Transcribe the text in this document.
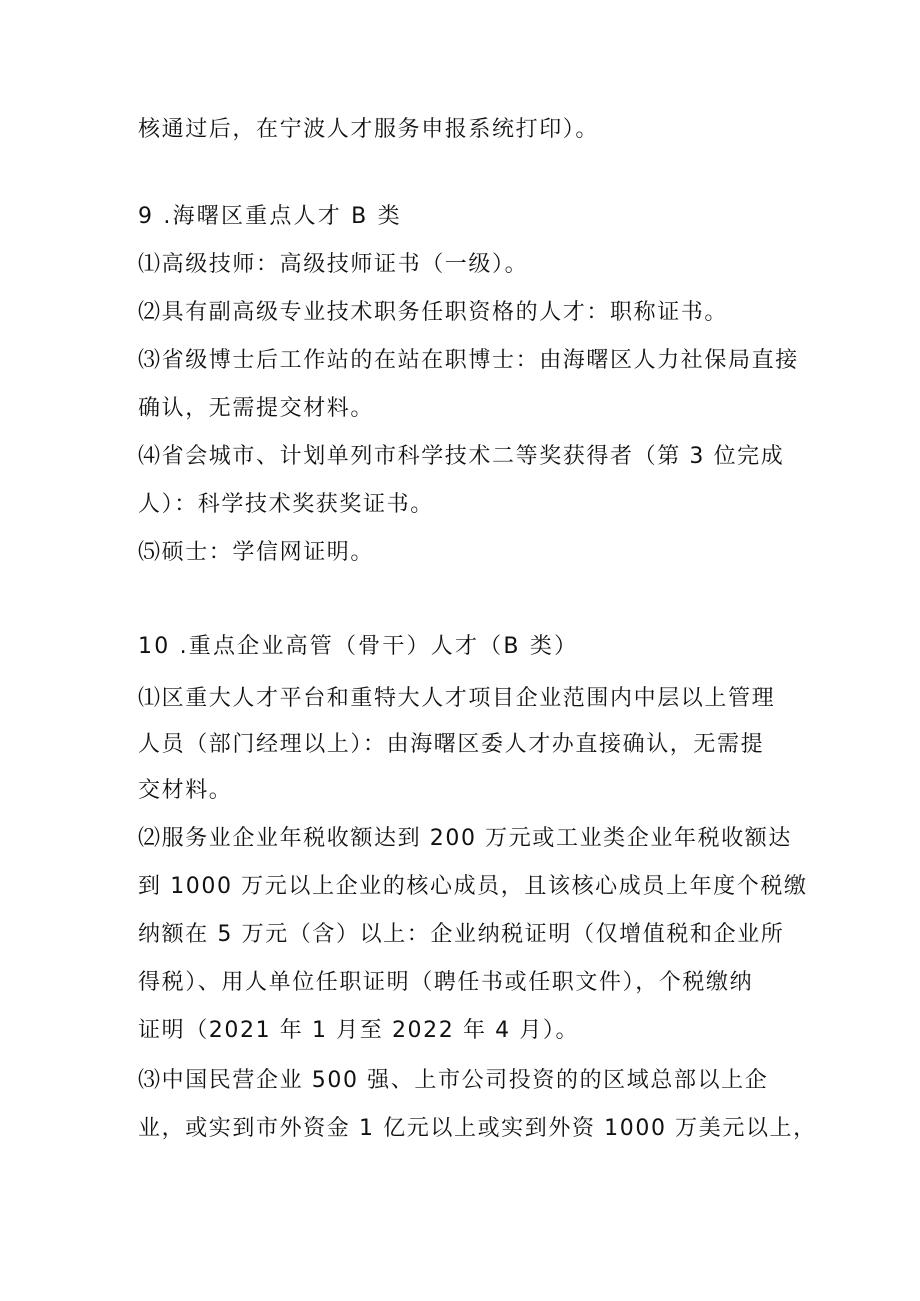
核通过后，在宁波人才服务申报系统打印）。
9 .海曙区重点人才 B 类
⑴高级技师：高级技师证书（一级）。
⑵具有副高级专业技术职务任职资格的人才：职称证书。
⑶省级博士后工作站的在站在职博士：由海曙区人力社保局直接
确认，无需提交材料。
⑷省会城市、计划单列市科学技术二等奖获得者（第 3 位完成
人）：科学技术奖获奖证书。
⑸硕士：学信网证明。
10 .重点企业高管（骨干）人才（B 类）
⑴区重大人才平台和重特大人才项目企业范围内中层以上管理
人员（部门经理以上）：由海曙区委人才办直接确认，无需提
交材料。
⑵服务业企业年税收额达到 200 万元或工业类企业年税收额达
到 1000 万元以上企业的核心成员，且该核心成员上年度个税缴
纳额在 5 万元（含）以上：企业纳税证明（仅增值税和企业所
得税）、用人单位任职证明（聘任书或任职文件），个税缴纳
证明（2021 年 1 月至 2022 年 4 月）。
⑶中国民营企业 500 强、上市公司投资的的区域总部以上企
业，或实到市外资金 1 亿元以上或实到外资 1000 万美元以上，
